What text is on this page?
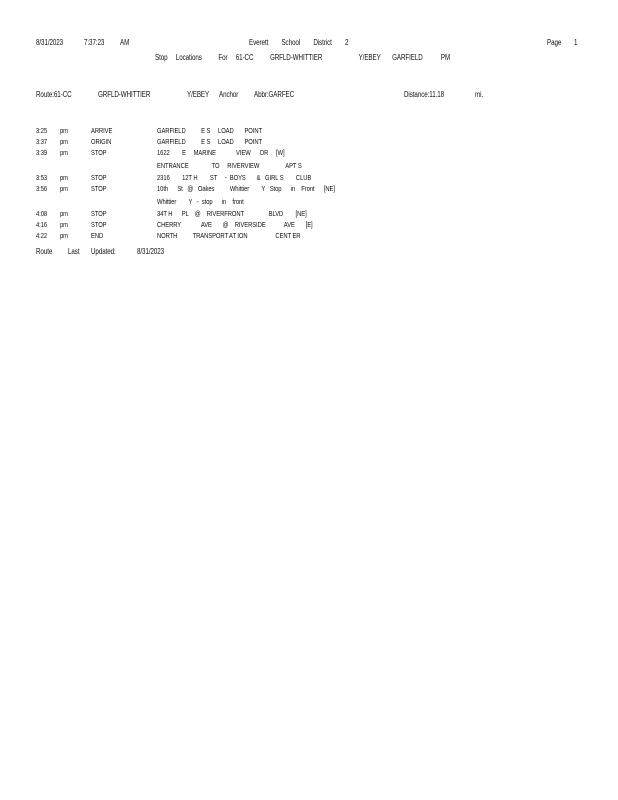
8/31/2023	7:37:23 AM	Everett        School        District        2	Page 1
Stop     Locations          For     61-CC          GRFLD-WHITTIER                      Y/EBEY       GARFIELD           PM
Route:61-CC	GRFLD-WHITTIER	Y/EBEY Anchor Abbr:GARFEC	Distance:11.18	mi.
3:25 pm	ARRIVE	GARFIELD          E S     LOAD       POINT
3:37 pm	ORIGIN	GARFIELD          E S     LOAD       POINT
3:39 pm	STOP	1622        E     MARINE             VIEW      DR     [W]
ENTRANCE               TO     RIVERVIEW                 APT S
3:53 pm	STOP	2316        12T H        ST     -  BOYS       &   GIRL S        CLUB
3:56 pm	STOP	10th      St   @   Oakes          Whittier        Y   Stop      in    Front      [NE]
Whittier        Y   -  stop      in    front
4:08 pm	STOP	34T H      PL    @    RIVERFRONT                BLVD        [NE]
4:16 pm	STOP	CHERRY             AVE       @    RIVERSIDE            AVE       [E]
4:22 pm	END	NORTH          TRANSPORT AT ION                  CENT ER
Route Last Updated:	8/31/2023
